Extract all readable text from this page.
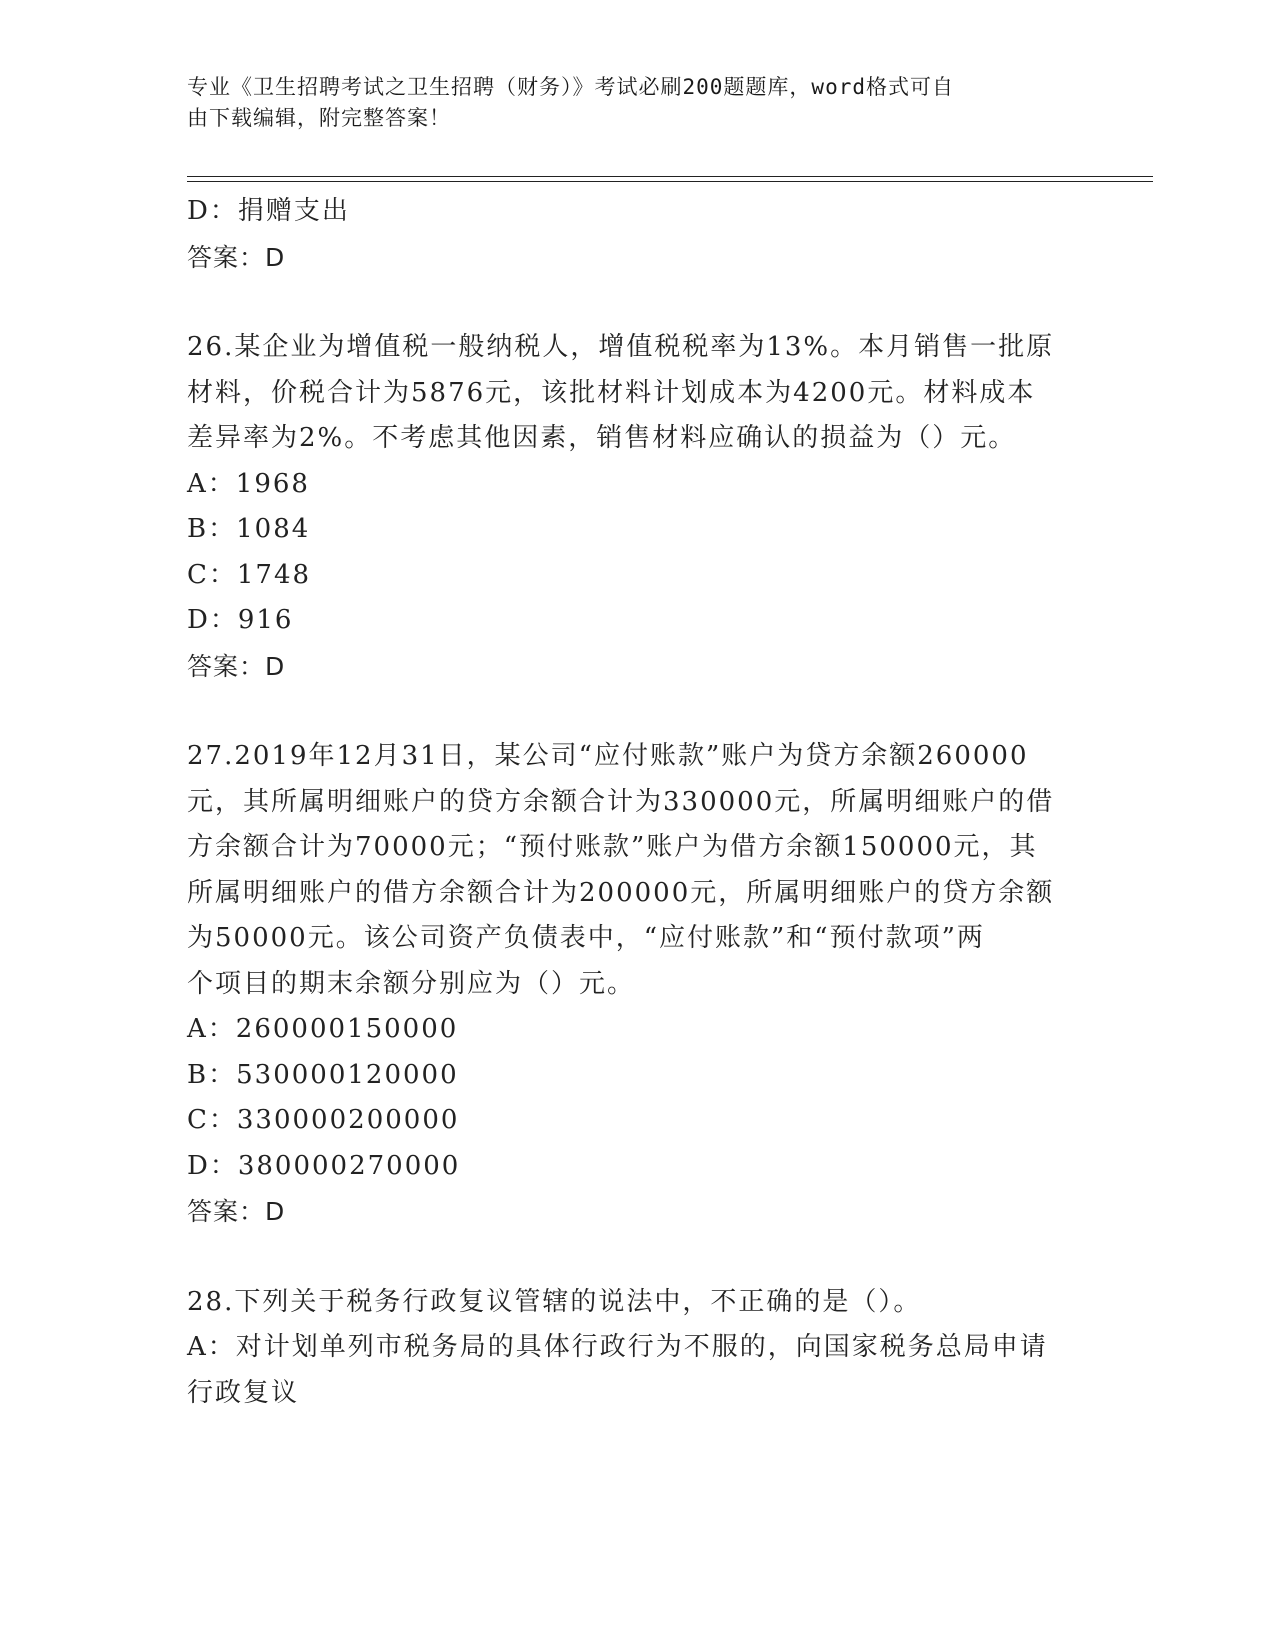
专业《卫生招聘考试之卫生招聘（财务）》考试必刷200题题库，word格式可自
由下载编辑，附完整答案！
D：捐赠支出
答案：D
26.某企业为增值税一般纳税人，增值税税率为13%。本月销售一批原
材料，价税合计为5876元，该批材料计划成本为4200元。材料成本
差异率为2%。不考虑其他因素，销售材料应确认的损益为（）元。
A：1968
B：1084
C：1748
D：916
答案：D
27.2019年12月31日，某公司“应付账款”账户为贷方余额260000
元，其所属明细账户的贷方余额合计为330000元，所属明细账户的借
方余额合计为70000元；“预付账款”账户为借方余额150000元，其
所属明细账户的借方余额合计为200000元，所属明细账户的贷方余额
为50000元。该公司资产负债表中，“应付账款”和“预付款项”两
个项目的期末余额分别应为（）元。
A：260000150000
B：530000120000
C：330000200000
D：380000270000
答案：D
28.下列关于税务行政复议管辖的说法中，不正确的是（）。
A：对计划单列市税务局的具体行政行为不服的，向国家税务总局申请
行政复议
